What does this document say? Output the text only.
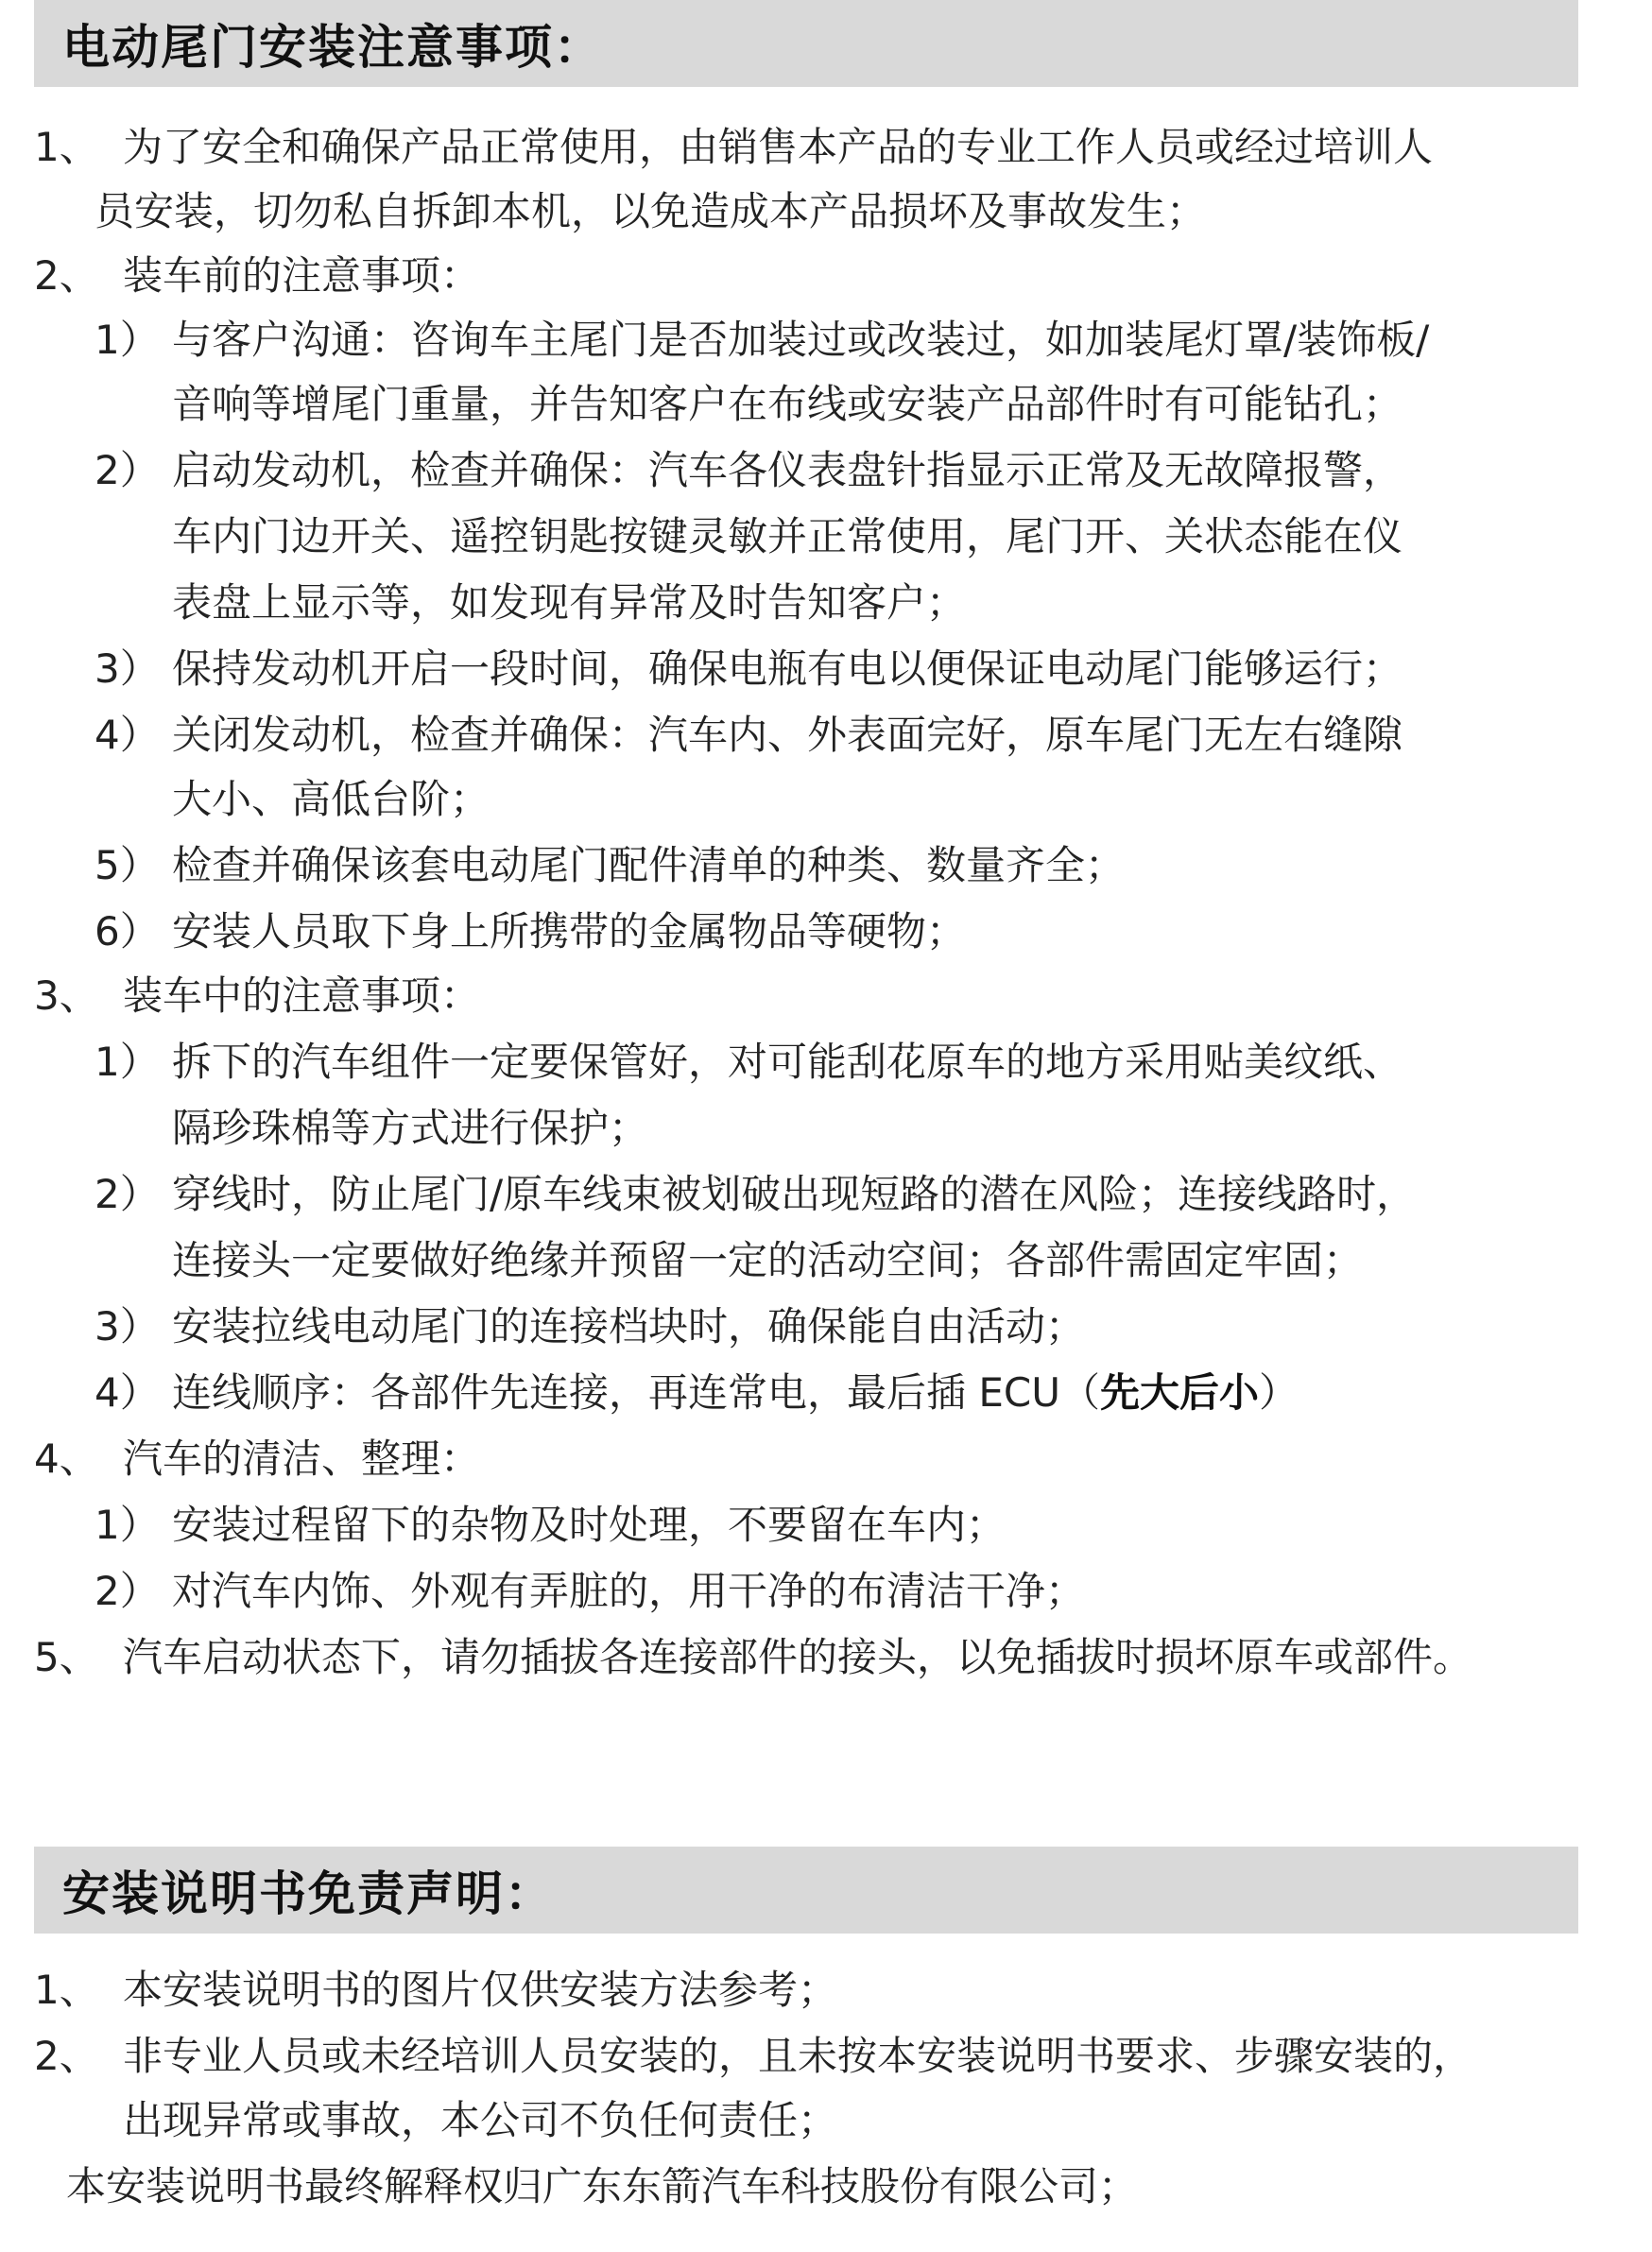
电动尾门安装注意事项：
1、 为了安全和确保产品正常使用，由销售本产品的专业工作人员或经过培训人
员安装，切勿私自拆卸本机，以免造成本产品损坏及事故发生；
2、 装车前的注意事项：
1） 与客户沟通：咨询车主尾门是否加装过或改装过，如加装尾灯罩/装饰板/
音响等增尾门重量，并告知客户在布线或安装产品部件时有可能钻孔；
2） 启动发动机，检查并确保：汽车各仪表盘针指显示正常及无故障报警，
车内门边开关、遥控钥匙按键灵敏并正常使用，尾门开、关状态能在仪
表盘上显示等，如发现有异常及时告知客户；
3） 保持发动机开启一段时间，确保电瓶有电以便保证电动尾门能够运行；
4） 关闭发动机，检查并确保：汽车内、外表面完好，原车尾门无左右缝隙
大小、高低台阶；
5） 检查并确保该套电动尾门配件清单的种类、数量齐全；
6） 安装人员取下身上所携带的金属物品等硬物；
3、 装车中的注意事项：
1） 拆下的汽车组件一定要保管好，对可能刮花原车的地方采用贴美纹纸、
隔珍珠棉等方式进行保护；
2） 穿线时，防止尾门/原车线束被划破出现短路的潜在风险；连接线路时，
连接头一定要做好绝缘并预留一定的活动空间；各部件需固定牢固；
3） 安装拉线电动尾门的连接档块时，确保能自由活动；
4） 连线顺序：各部件先连接，再连常电，最后插 ECU（先大后小）
4、 汽车的清洁、整理：
1） 安装过程留下的杂物及时处理，不要留在车内；
2） 对汽车内饰、外观有弄脏的，用干净的布清洁干净；
5、 汽车启动状态下，请勿插拔各连接部件的接头，以免插拔时损坏原车或部件。
安装说明书免责声明：
1、 本安装说明书的图片仅供安装方法参考；
2、 非专业人员或未经培训人员安装的，且未按本安装说明书要求、步骤安装的，
出现异常或事故，本公司不负任何责任；
本安装说明书最终解释权归广东东箭汽车科技股份有限公司；
